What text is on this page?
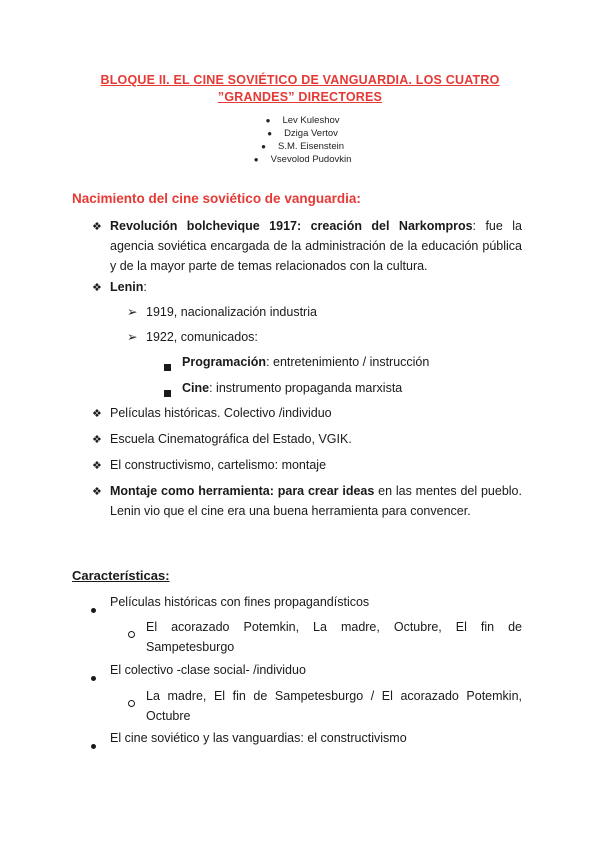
BLOQUE II. EL CINE SOVIÉTICO DE VANGUARDIA. LOS CUATRO
”GRANDES” DIRECTORES
● Lev Kuleshov
● Dziga Vertov
● S.M. Eisenstein
● Vsevolod Pudovkin
Nacimiento del cine soviético de vanguardia:
❖ Revolución bolchevique 1917: creación del Narkompros: fue la agencia soviética encargada de la administración de la educación pública y de la mayor parte de temas relacionados con la cultura.
❖ Lenin:
➢ 1919, nacionalización industria
➢ 1922, comunicados:
Programación: entretenimiento / instrucción
Cine: instrumento propaganda marxista
❖ Películas históricas. Colectivo /individuo
❖ Escuela Cinematográfica del Estado, VGIK.
❖ El constructivismo, cartelismo: montaje
❖ Montaje como herramienta: para crear ideas en las mentes del pueblo. Lenin vio que el cine era una buena herramienta para convencer.
Características:
Películas históricas con fines propagandísticos
El acorazado Potemkin, La madre, Octubre, El fin de Sampetesburgo
El colectivo -clase social- /individuo
La madre, El fin de Sampetesburgo / El acorazado Potemkin, Octubre
El cine soviético y las vanguardias: el constructivismo
